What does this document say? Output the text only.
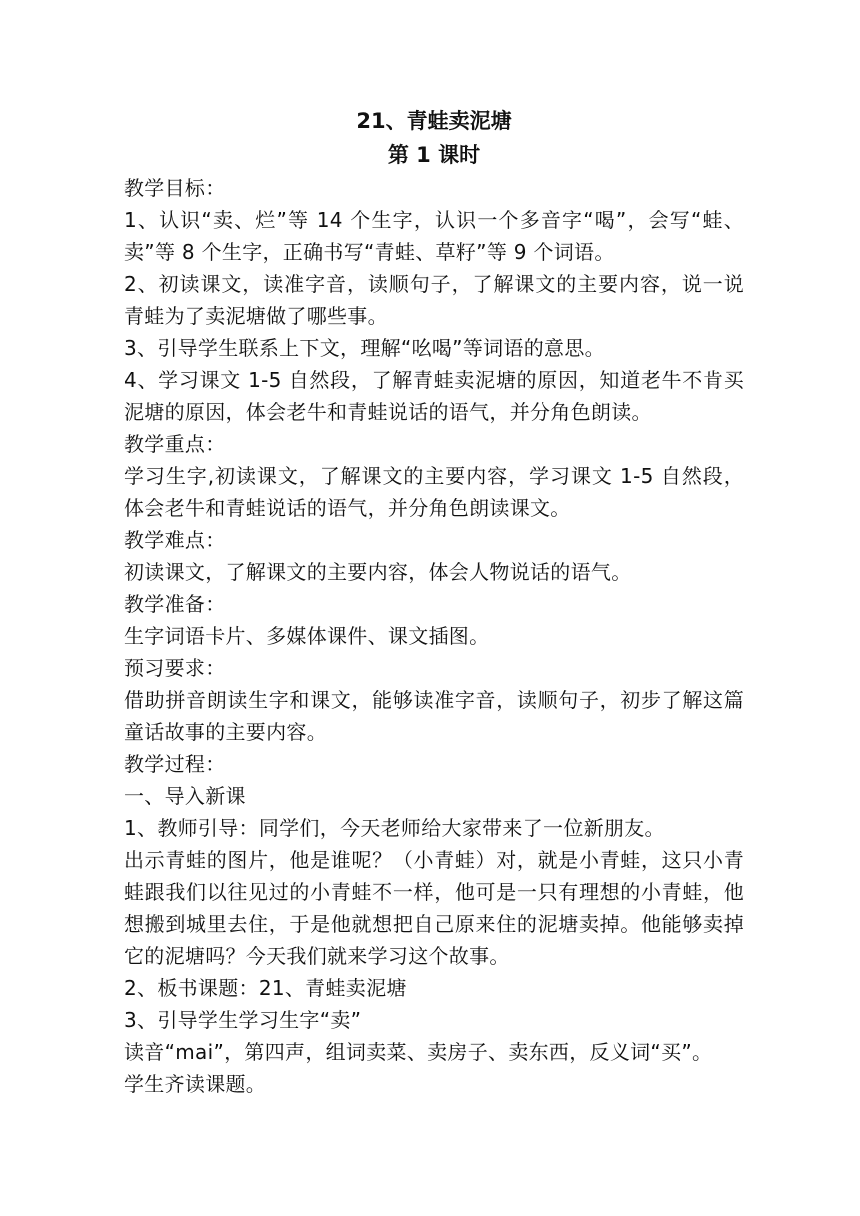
21、青蛙卖泥塘
第 1 课时

教学目标：

1、认识“卖、烂”等 14 个生字，认识一个多音字“喝”，会写“蛙、卖”等 8 个生字，正确书写“青蛙、草籽”等 9 个词语。

2、初读课文，读准字音，读顺句子，了解课文的主要内容，说一说青蛙为了卖泥塘做了哪些事。

3、引导学生联系上下文，理解“吆喝”等词语的意思。

4、学习课文 1-5 自然段，了解青蛙卖泥塘的原因，知道老牛不肯买泥塘的原因，体会老牛和青蛙说话的语气，并分角色朗读。

教学重点：

学习生字,初读课文，了解课文的主要内容，学习课文 1-5 自然段，体会老牛和青蛙说话的语气，并分角色朗读课文。

教学难点：

初读课文，了解课文的主要内容，体会人物说话的语气。

教学准备：

生字词语卡片、多媒体课件、课文插图。

预习要求：

借助拼音朗读生字和课文，能够读准字音，读顺句子，初步了解这篇童话故事的主要内容。

教学过程：

一、导入新课

1、教师引导：同学们，今天老师给大家带来了一位新朋友。

出示青蛙的图片，他是谁呢？（小青蛙）对，就是小青蛙，这只小青蛙跟我们以往见过的小青蛙不一样，他可是一只有理想的小青蛙，他想搬到城里去住，于是他就想把自己原来住的泥塘卖掉。他能够卖掉它的泥塘吗？今天我们就来学习这个故事。

2、板书课题：21、青蛙卖泥塘

3、引导学生学习生字“卖”

读音“mai”，第四声，组词卖菜、卖房子、卖东西，反义词“买”。

学生齐读课题。
